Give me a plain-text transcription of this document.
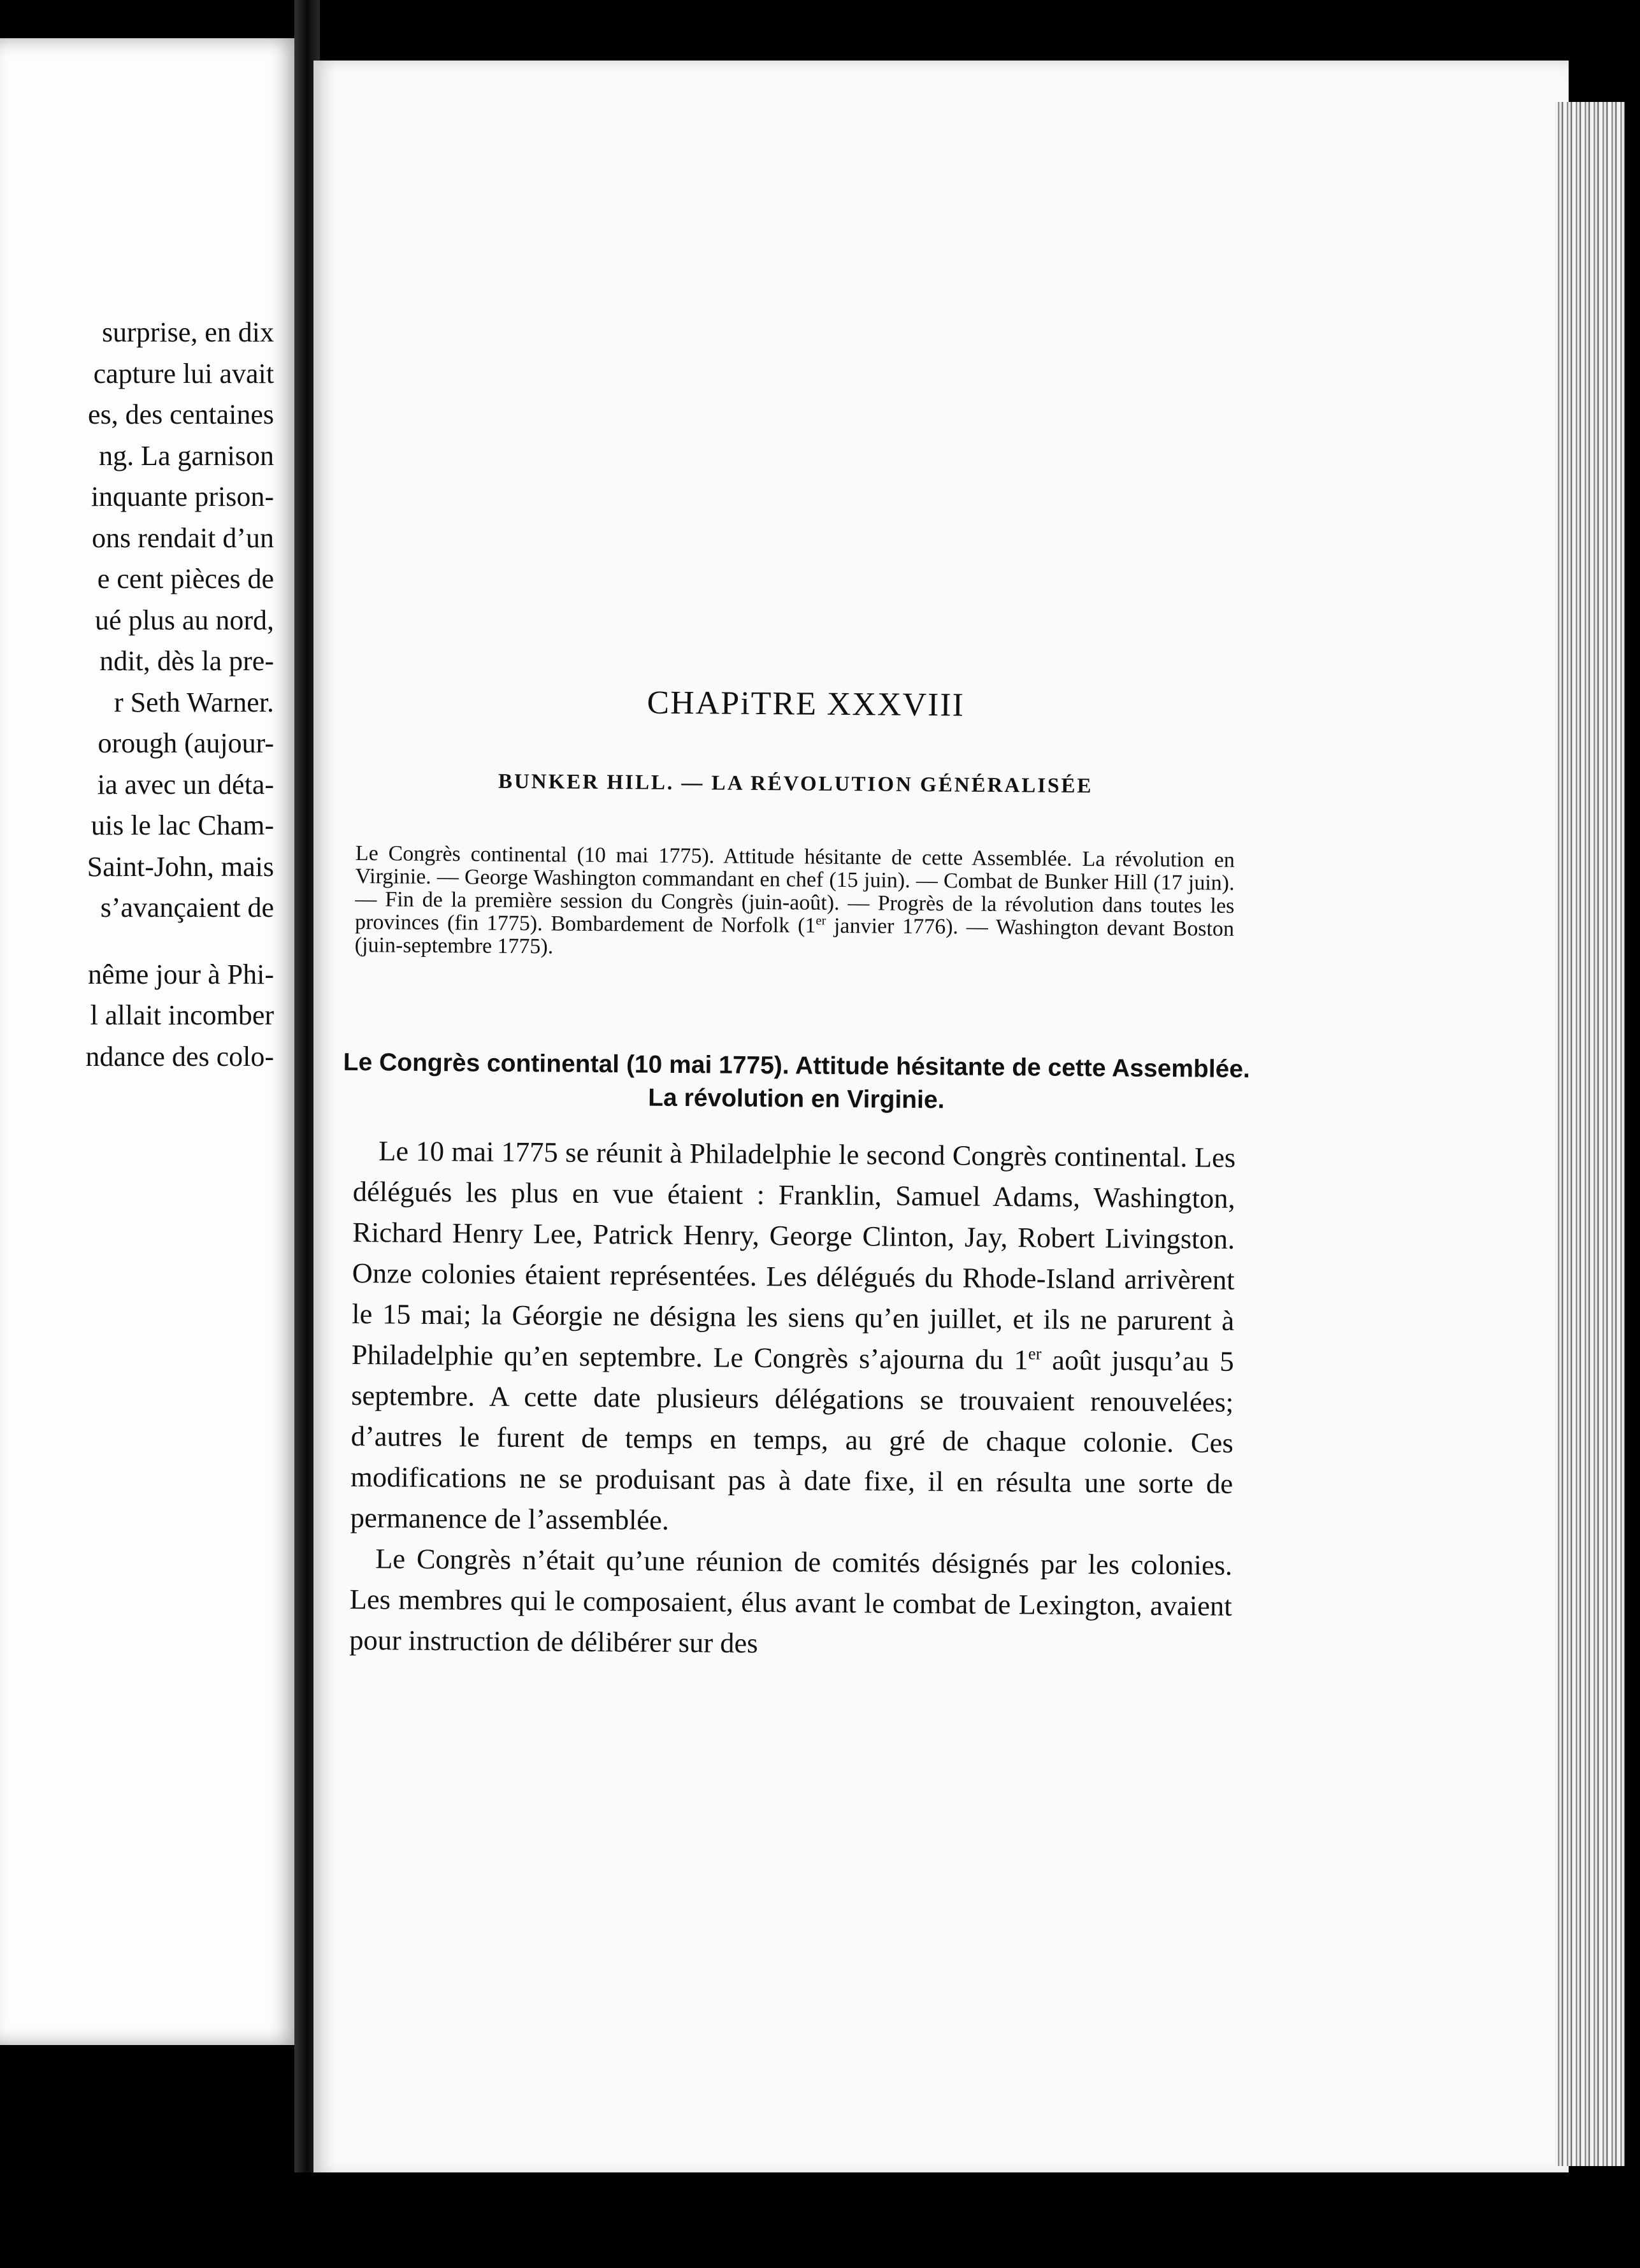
surprise, en dix
capture lui avait
es, des centaines
ng. La garnison
inquante prison-
ons rendait d’un
e cent pièces de
ué plus au nord,
ndit, dès la pre-
r Seth Warner.
orough (aujour-
ia avec un déta-
uis le lac Cham-
Saint-John, mais
s’avançaient de
nême jour à Phi-
l allait incomber
ndance des colo-
CHAPiTRE XXXVIII
BUNKER HILL. — LA RÉVOLUTION GÉNÉRALISÉE
Le Congrès continental (10 mai 1775). Attitude hésitante de cette Assemblée. La révolution en Virginie. — George Washington commandant en chef (15 juin). — Combat de Bunker Hill (17 juin). — Fin de la première session du Congrès (juin-août). — Progrès de la révolution dans toutes les provinces (fin 1775). Bombardement de Norfolk (1er janvier 1776). — Washington devant Boston (juin-septembre 1775).
Le Congrès continental (10 mai 1775). Attitude hésitante de cette Assemblée. La révolution en Virginie.

Le 10 mai 1775 se réunit à Philadelphie le second Congrès continental. Les délégués les plus en vue étaient : Franklin, Samuel Adams, Washington, Richard Henry Lee, Patrick Henry, George Clinton, Jay, Robert Livingston. Onze colonies étaient représentées. Les délégués du Rhode-Island arrivèrent le 15 mai; la Géorgie ne désigna les siens qu’en juillet, et ils ne parurent à Philadelphie qu’en septembre. Le Congrès s’ajourna du 1er août jusqu’au 5 septembre. A cette date plusieurs délégations se trouvaient renouvelées; d’autres le furent de temps en temps, au gré de chaque colonie. Ces modifications ne se produisant pas à date fixe, il en résulta une sorte de permanence de l’assemblée.

Le Congrès n’était qu’une réunion de comités désignés par les colonies. Les membres qui le composaient, élus avant le combat de Lexington, avaient pour instruction de délibérer sur des
